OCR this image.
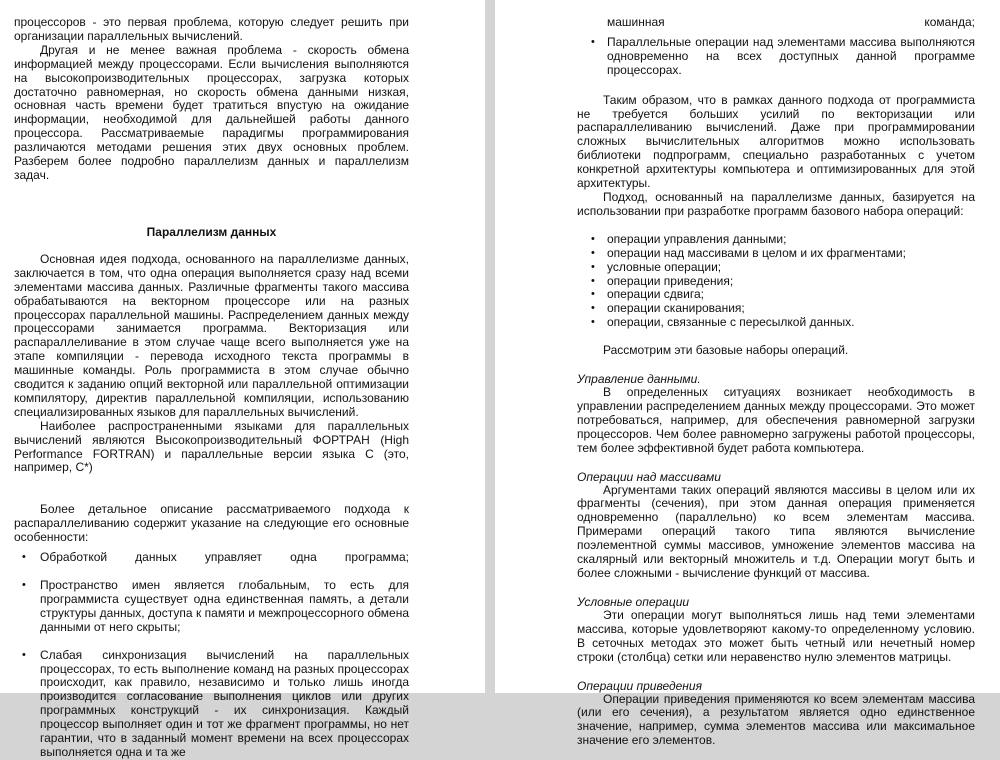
процессоров - это первая проблема, которую следует решить при организации параллельных вычислений.

Другая и не менее важная проблема - скорость обмена информацией между процессорами. Если вычисления выполняются на высокопроизводительных процессорах, загрузка которых достаточно равномерная, но скорость обмена данными низкая, основная часть времени будет тратиться впустую на ожидание информации, необходимой для дальнейшей работы данного процессора. Рассматриваемые парадигмы программирования различаются методами решения этих двух основных проблем. Разберем более подробно параллелизм данных и параллелизм задач.

Параллелизм данных

Основная идея подхода, основанного на параллелизме данных, заключается в том, что одна операция выполняется сразу над всеми элементами массива данных. Различные фрагменты такого массива обрабатываются на векторном процессоре или на разных процессорах параллельной машины. Распределением данных между процессорами занимается программа. Векторизация или распараллеливание в этом случае чаще всего выполняется уже на этапе компиляции - перевода исходного текста программы в машинные команды. Роль программиста в этом случае обычно сводится к заданию опций векторной или параллельной оптимизации компилятору, директив параллельной компиляции, использованию специализированных языков для параллельных вычислений.

Наиболее распространенными языками для параллельных вычислений являются Высокопроизводительный ФОРТРАН (High Performance FORTRAN) и параллельные версии языка C (это, например, C*)

Более детальное описание рассматриваемого подхода к распараллеливанию содержит указание на следующие его основные особенности:

• Обработкой данных управляет одна программа;
• Пространство имен является глобальным, то есть для программиста существует одна единственная память, а детали структуры данных, доступа к памяти и межпроцессорного обмена данными от него скрыты;
• Слабая синхронизация вычислений на параллельных процессорах, то есть выполнение команд на разных процессорах происходит, как правило, независимо и только лишь иногда производится согласование выполнения циклов или других программных конструкций - их синхронизация. Каждый процессор выполняет один и тот же фрагмент программы, но нет гарантии, что в заданный момент времени на всех процессорах выполняется одна и та же

машинная	команда;

• Параллельные операции над элементами массива выполняются одновременно на всех доступных данной программе процессорах.

Таким образом, что в рамках данного подхода от программиста не требуется больших усилий по векторизации или распараллеливанию вычислений. Даже при программировании сложных вычислительных алгоритмов можно использовать библиотеки подпрограмм, специально разработанных с учетом конкретной архитектуры компьютера и оптимизированных для этой архитектуры.

Подход, основанный на параллелизме данных, базируется на использовании при разработке программ базового набора операций:

• операции управления данными;
• операции над массивами в целом и их фрагментами;
• условные операции;
• операции приведения;
• операции сдвига;
• операции сканирования;
• операции, связанные с пересылкой данных.

Рассмотрим эти базовые наборы операций.

Управление данными.

В определенных ситуациях возникает необходимость в управлении распределением данных между процессорами. Это может потребоваться, например, для обеспечения равномерной загрузки процессоров. Чем более равномерно загружены работой процессоры, тем более эффективной будет работа компьютера.

Операции над массивами

Аргументами таких операций являются массивы в целом или их фрагменты (сечения), при этом данная операция применяется одновременно (параллельно) ко всем элементам массива. Примерами операций такого типа являются вычисление поэлементной суммы массивов, умножение элементов массива на скалярный или векторный множитель и т.д. Операции могут быть и более сложными - вычисление функций от массива.

Условные операции

Эти операции могут выполняться лишь над теми элементами массива, которые удовлетворяют какому-то определенному условию. В сеточных методах это может быть четный или нечетный номер строки (столбца) сетки или неравенство нулю элементов матрицы.

Операции приведения

Операции приведения применяются ко всем элементам массива (или его сечения), а результатом является одно единственное значение, например, сумма элементов массива или максимальное значение его элементов.
